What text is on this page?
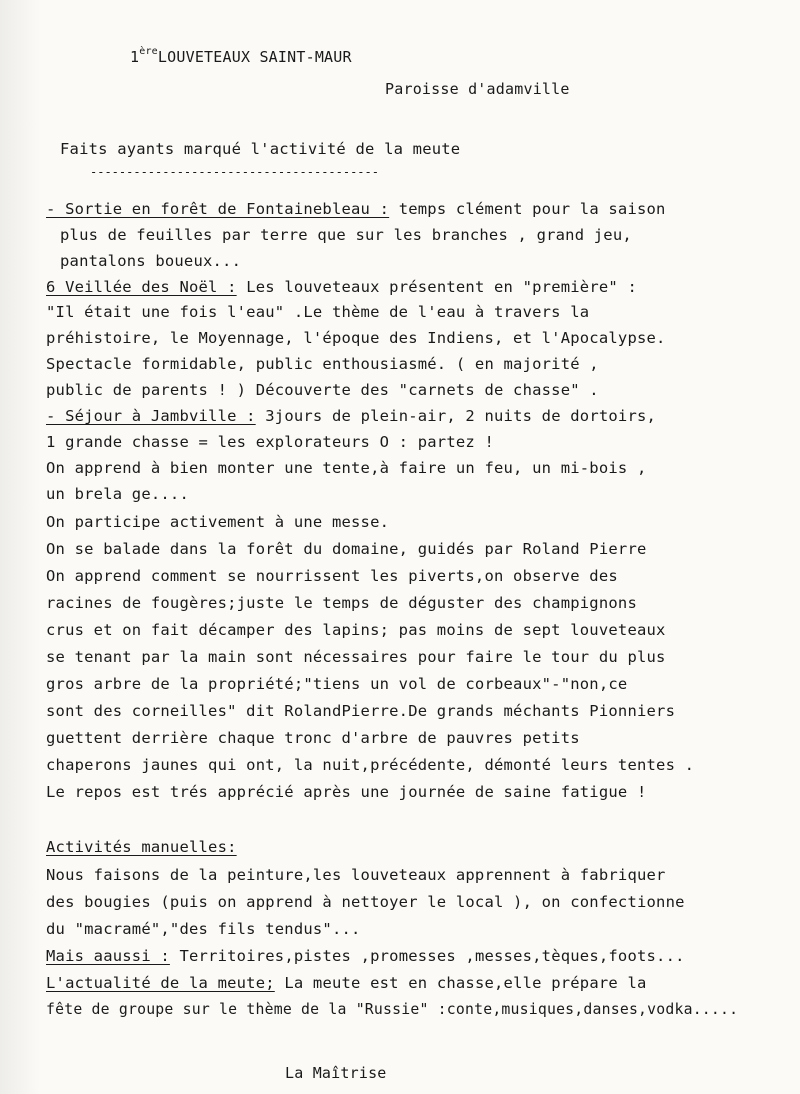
1èreLOUVETEAUX SAINT-MAUR
Paroisse d'adamville
Faits ayants marqué l'activité de la meute
----------------------------------------
- Sortie en forêt de Fontainebleau : temps clément pour la saison
plus de feuilles par terre que sur les branches , grand jeu,
pantalons boueux...
6 Veillée des Noël : Les louveteaux présentent en "première" :
"Il était une fois l'eau" .Le thème de l'eau à travers la
préhistoire, le Moyennage, l'époque des Indiens, et l'Apocalypse.
Spectacle formidable, public enthousiasmé. ( en majorité ,
public de parents ! ) Découverte des "carnets de chasse" .
- Séjour à Jambville : 3jours de plein-air, 2 nuits de dortoirs,
1 grande chasse = les explorateurs O : partez !
On apprend à bien monter une tente,à faire un feu, un mi-bois ,
un brela ge....
On participe activement à une messe.
On se balade dans la forêt du domaine, guidés par Roland Pierre
On apprend comment se nourrissent les piverts,on observe des
racines de fougères;juste le temps de déguster des champignons
crus et on fait décamper des lapins; pas moins de sept louveteaux
se tenant par la main sont nécessaires pour faire le tour du plus
gros arbre de la propriété;"tiens un vol de corbeaux"-"non,ce
sont des corneilles" dit RolandPierre.De grands méchants Pionniers
guettent derrière chaque tronc d'arbre de pauvres petits
chaperons jaunes qui ont, la nuit,précédente, démonté leurs tentes .
Le repos est trés apprécié après une journée de saine fatigue !
Activités manuelles:
Nous faisons de la peinture,les louveteaux apprennent à fabriquer
des bougies (puis on apprend à nettoyer le local ), on confectionne
du "macramé","des fils tendus"...
Mais aaussi : Territoires,pistes ,promesses ,messes,tèques,foots...
L'actualité de la meute; La meute est en chasse,elle prépare la
fête de groupe sur le thème de la "Russie" :conte,musiques,danses,vodka.....
La Maîtrise
